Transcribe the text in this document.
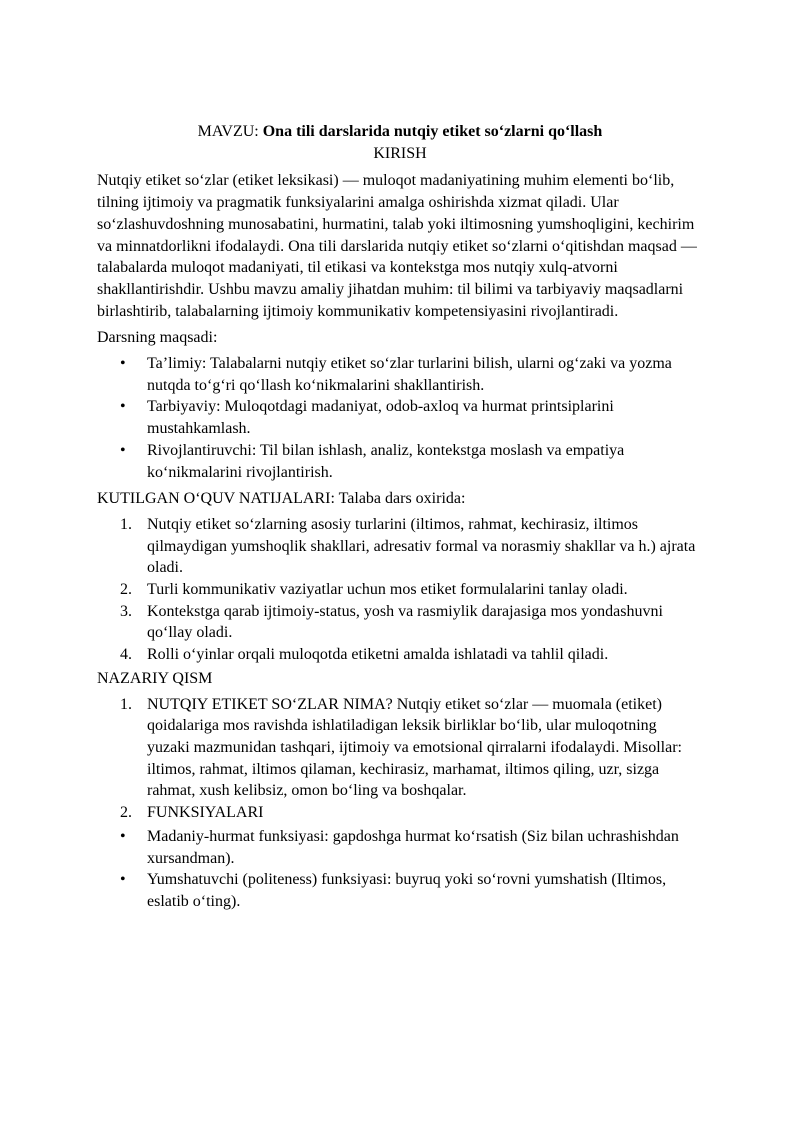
MAVZU: Ona tili darslarida nutqiy etiket soʻzlarni qoʻllash
KIRISH

Nutqiy etiket soʻzlar (etiket leksikasi) — muloqot madaniyatining muhim elementi boʻlib, tilning ijtimoiy va pragmatik funksiyalarini amalga oshirishda xizmat qiladi. Ular soʻzlashuvdoshning munosabatini, hurmatini, talab yoki iltimosning yumshoqligini, kechirim va minnatdorlikni ifodalaydi. Ona tili darslarida nutqiy etiket soʻzlarni oʻqitishdan maqsad — talabalarda muloqot madaniyati, til etikasi va kontekstga mos nutqiy xulq-atvorni shakllantirishdir. Ushbu mavzu amaliy jihatdan muhim: til bilimi va tarbiyaviy maqsadlarni birlashtirib, talabalarning ijtimoiy kommunikativ kompetensiyasini rivojlantiradi.

Darsning maqsadi:

• Ta’limiy: Talabalarni nutqiy etiket soʻzlar turlarini bilish, ularni ogʻzaki va yozma nutqda toʻgʻri qoʻllash koʻnikmalarini shakllantirish.
• Tarbiyaviy: Muloqotdagi madaniyat, odob-axloq va hurmat printsiplarini mustahkamlash.
• Rivojlantiruvchi: Til bilan ishlash, analiz, kontekstga moslash va empatiya koʻnikmalarini rivojlantirish.

KUTILGAN OʻQUV NATIJALARI: Talaba dars oxirida:

1. Nutqiy etiket soʻzlarning asosiy turlarini (iltimos, rahmat, kechirasiz, iltimos qilmaydigan yumshoqlik shakllari, adresativ formal va norasmiy shakllar va h.) ajrata oladi.
2. Turli kommunikativ vaziyatlar uchun mos etiket formulalarini tanlay oladi.
3. Kontekstga qarab ijtimoiy-status, yosh va rasmiylik darajasiga mos yondashuvni qoʻllay oladi.
4. Rolli oʻyinlar orqali muloqotda etiketni amalda ishlatadi va tahlil qiladi.

NAZARIY QISM

1. NUTQIY ETIKET SOʻZLAR NIMA? Nutqiy etiket soʻzlar — muomala (etiket) qoidalariga mos ravishda ishlatiladigan leksik birliklar boʻlib, ular muloqotning yuzaki mazmunidan tashqari, ijtimoiy va emotsional qirralarni ifodalaydi. Misollar: iltimos, rahmat, iltimos qilaman, kechirasiz, marhamat, iltimos qiling, uzr, sizga rahmat, xush kelibsiz, omon boʻling va boshqalar.
2. FUNKSIYALARI
• Madaniy-hurmat funksiyasi: gapdoshga hurmat koʻrsatish (Siz bilan uchrashishdan xursandman).
• Yumshatuvchi (politeness) funksiyasi: buyruq yoki soʻrovni yumshatish (Iltimos, eslatib oʻting).
